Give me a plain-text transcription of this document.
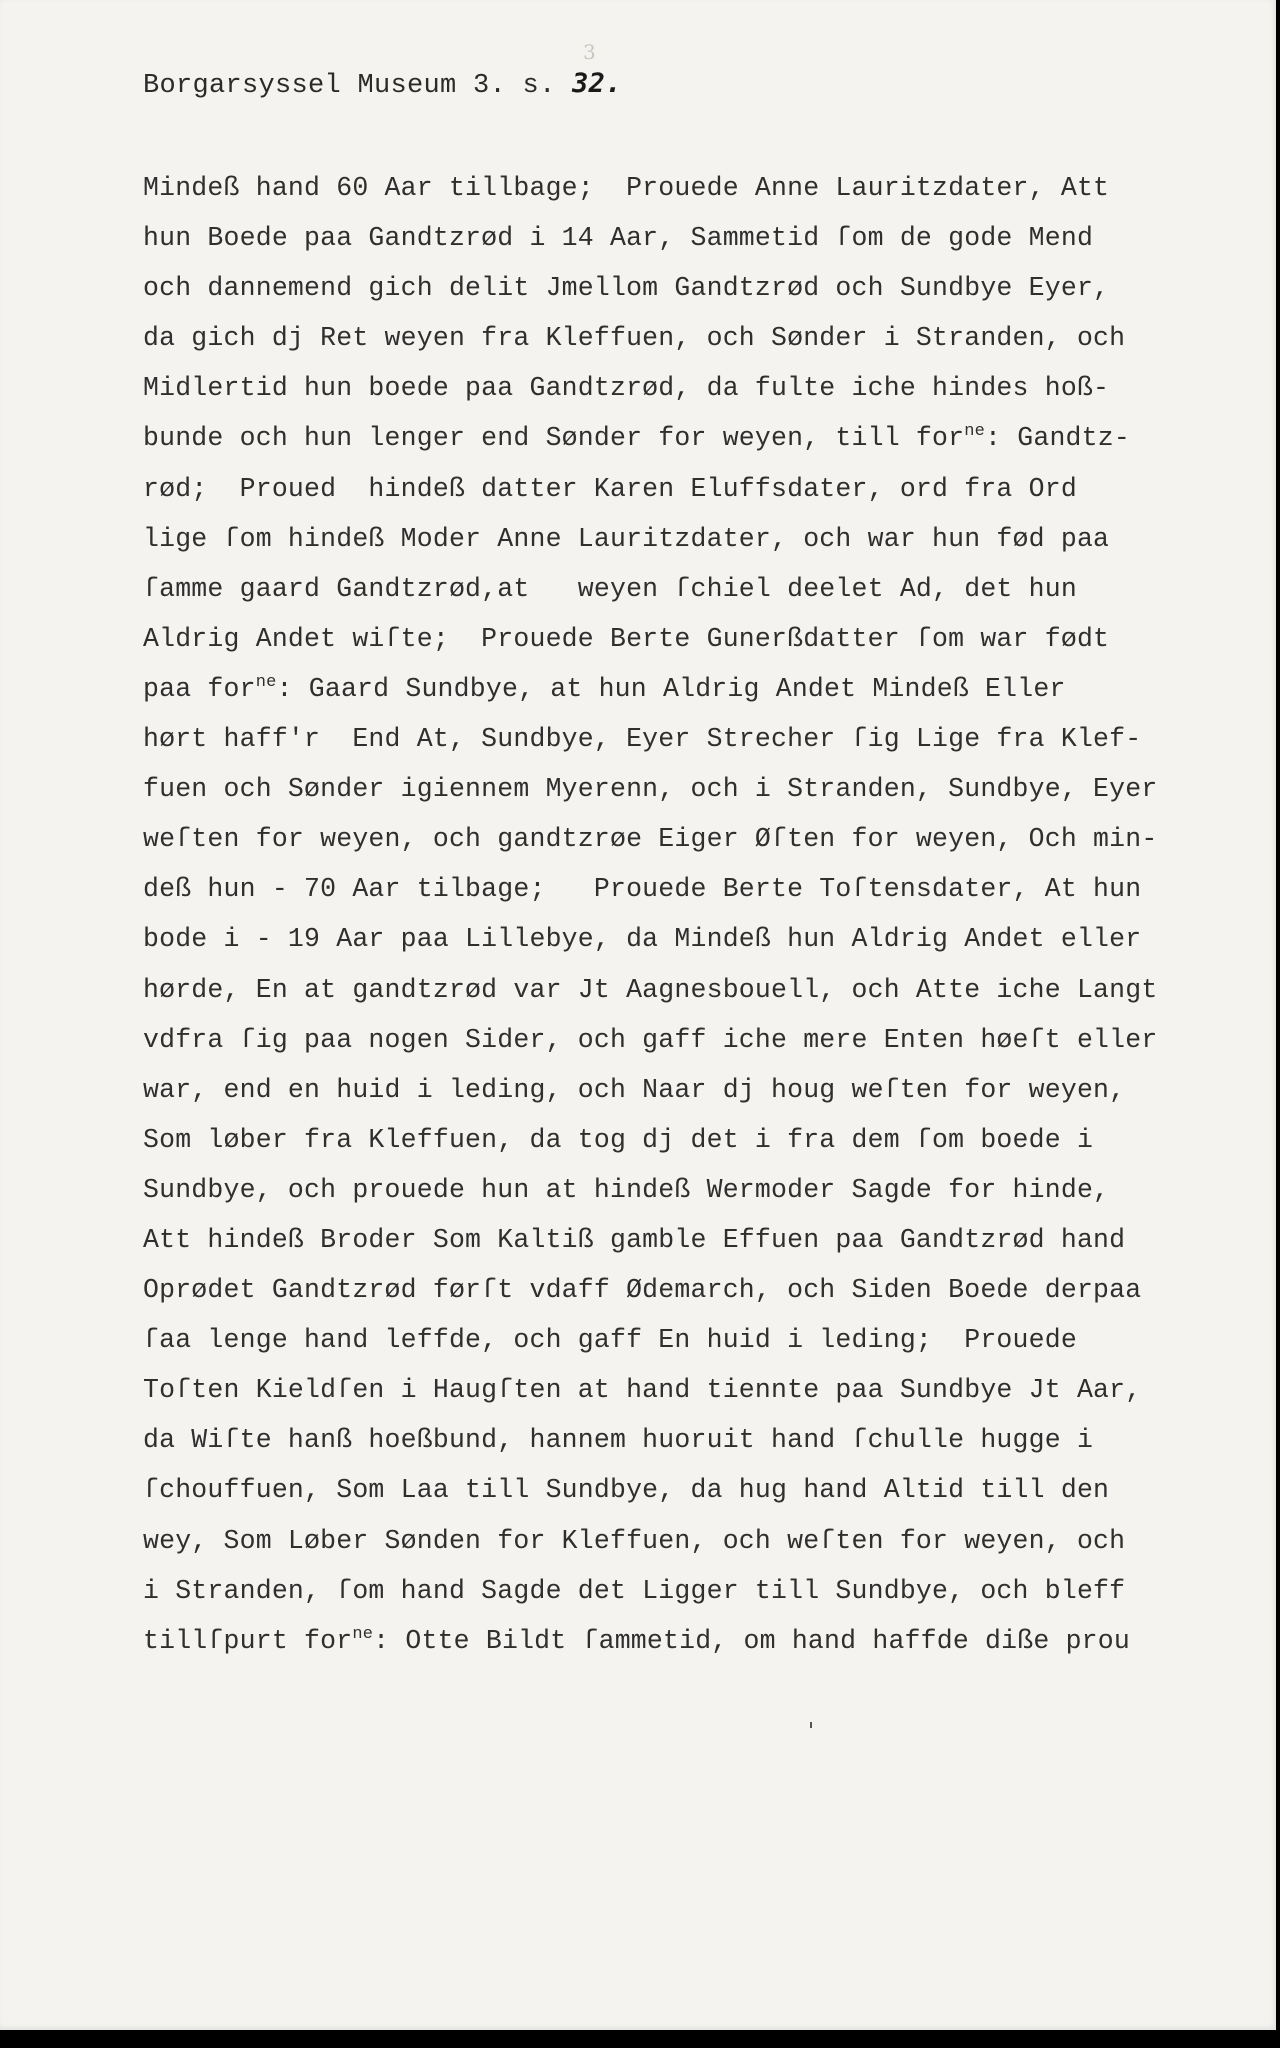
Borgarsyssel Museum 3. s. 32.
3
Mindeß hand 60 Aar tillbage;  Prouede Anne Lauritzdater, Att
hun Boede paa Gandtzrød i 14 Aar, Sammetid ſom de gode Mend
och dannemend gich delit Jmellom Gandtzrød och Sundbye Eyer,
da gich dj Ret weyen fra Kleffuen, och Sønder i Stranden, och
Midlertid hun boede paa Gandtzrød, da fulte iche hindes hoß-
bunde och hun lenger end Sønder for weyen, till for$^{ne}$: Gandtz-
rød;  Proued  hindeß datter Karen Eluffsdater, ord fra Ord
lige ſom hindeß Moder Anne Lauritzdater, och war hun fød paa
ſamme gaard Gandtzrød,at   weyen ſchiel deelet Ad, det hun
Aldrig Andet wiſte;  Prouede Berte Gunerßdatter ſom war født
paa for$^{ne}$: Gaard Sundbye, at hun Aldrig Andet Mindeß Eller
hørt haff'r  End At, Sundbye, Eyer Strecher ſig Lige fra Klef-
fuen och Sønder igiennem Myerenn, och i Stranden, Sundbye, Eyer
weſten for weyen, och gandtzrøe Eiger Øſten for weyen, Och min-
deß hun - 70 Aar tilbage;   Prouede Berte Toſtensdater, At hun
bode i - 19 Aar paa Lillebye, da Mindeß hun Aldrig Andet eller
hørde, En at gandtzrød var Jt Aagnesbouell, och Atte iche Langt
vdfra ſig paa nogen Sider, och gaff iche mere Enten høeſt eller
war, end en huid i leding, och Naar dj houg weſten for weyen,
Som løber fra Kleffuen, da tog dj det i fra dem ſom boede i
Sundbye, och prouede hun at hindeß Wermoder Sagde for hinde,
Att hindeß Broder Som Kaltiß gamble Effuen paa Gandtzrød hand
Oprødet Gandtzrød førſt vdaff Ødemarch, och Siden Boede derpaa
ſaa lenge hand leffde, och gaff En huid i leding;  Prouede
Toſten Kieldſen i Haugſten at hand tiennte paa Sundbye Jt Aar,
da Wiſte hanß hoeßbund, hannem huoruit hand ſchulle hugge i
ſchouffuen, Som Laa till Sundbye, da hug hand Altid till den
wey, Som Løber Sønden for Kleffuen, och weſten for weyen, och
i Stranden, ſom hand Sagde det Ligger till Sundbye, och bleff
tillſpurt for$^{ne}$: Otte Bildt ſammetid, om hand haffde diße prou
